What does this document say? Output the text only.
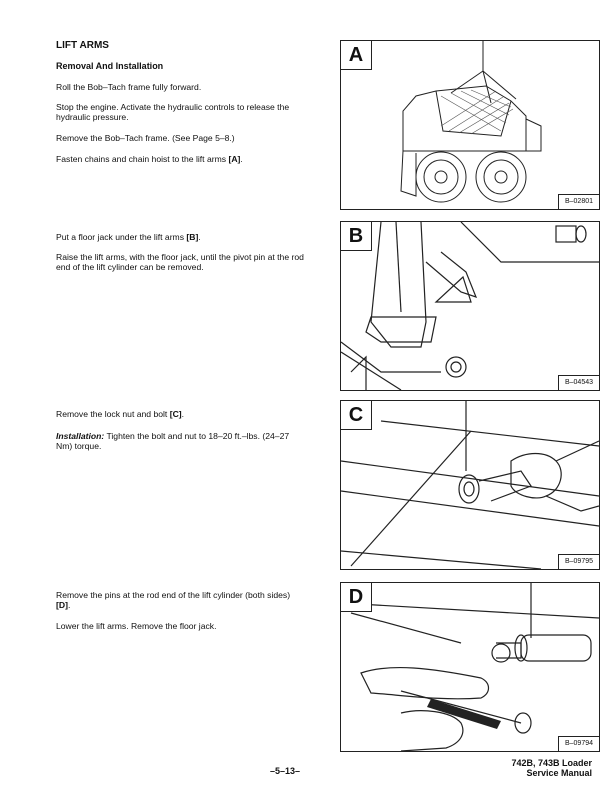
LIFT ARMS
Removal And Installation
Roll the Bob–Tach frame fully forward.
Stop the engine. Activate the hydraulic controls to release the hydraulic pressure.
Remove the Bob–Tach frame. (See Page 5–8.)
Fasten chains and chain hoist to the lift arms [A].
Put a floor jack under the lift arms [B].
Raise the lift arms, with the floor jack, until the pivot pin at the rod end of the lift cylinder can be removed.
Remove the lock nut and bolt [C].
Installation: Tighten the bolt and nut to 18–20 ft.–lbs. (24–27 Nm) torque.
Remove the pins at the rod end of the lift cylinder (both sides) [D].
Lower the lift arms. Remove the floor jack.
A
B–02801
B
B–04543
C
B–09795
D
B–09794
–5–13–
742B, 743B Loader
Service Manual
